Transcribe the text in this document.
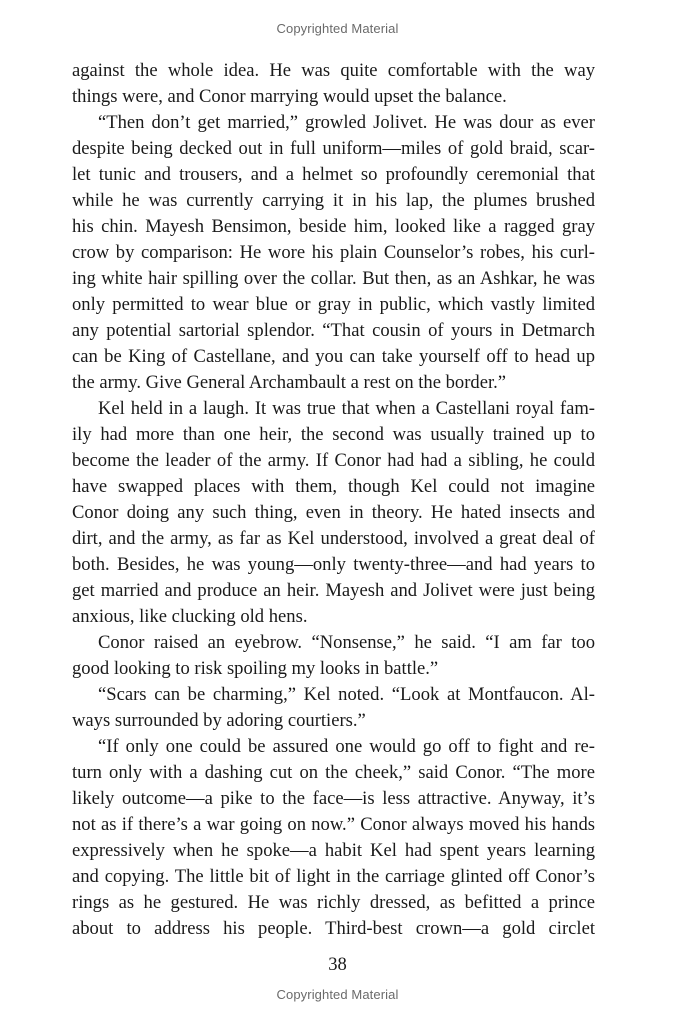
Copyrighted Material
against the whole idea. He was quite comfortable with the way
things were, and Conor marrying would upset the balance.
“Then don’t get married,” growled Jolivet. He was dour as ever
despite being decked out in full uniform—miles of gold braid, scar-
let tunic and trousers, and a helmet so profoundly ceremonial that
while he was currently carrying it in his lap, the plumes brushed
his chin. Mayesh Bensimon, beside him, looked like a ragged gray
crow by comparison: He wore his plain Counselor’s robes, his curl-
ing white hair spilling over the collar. But then, as an Ashkar, he was
only permitted to wear blue or gray in public, which vastly limited
any potential sartorial splendor. “That cousin of yours in Detmarch
can be King of Castellane, and you can take yourself off to head up
the army. Give General Archambault a rest on the border.”
Kel held in a laugh. It was true that when a Castellani royal fam-
ily had more than one heir, the second was usually trained up to
become the leader of the army. If Conor had had a sibling, he could
have swapped places with them, though Kel could not imagine
Conor doing any such thing, even in theory. He hated insects and
dirt, and the army, as far as Kel understood, involved a great deal of
both. Besides, he was young—only twenty-three—and had years to
get married and produce an heir. Mayesh and Jolivet were just being
anxious, like clucking old hens.
Conor raised an eyebrow. “Nonsense,” he said. “I am far too
good looking to risk spoiling my looks in battle.”
“Scars can be charming,” Kel noted. “Look at Montfaucon. Al-
ways surrounded by adoring courtiers.”
“If only one could be assured one would go off to fight and re-
turn only with a dashing cut on the cheek,” said Conor. “The more
likely outcome—a pike to the face—is less attractive. Anyway, it’s
not as if there’s a war going on now.” Conor always moved his hands
expressively when he spoke—a habit Kel had spent years learning
and copying. The little bit of light in the carriage glinted off Conor’s
rings as he gestured. He was richly dressed, as befitted a prince
about to address his people. Third-best crown—a gold circlet
38
Copyrighted Material
